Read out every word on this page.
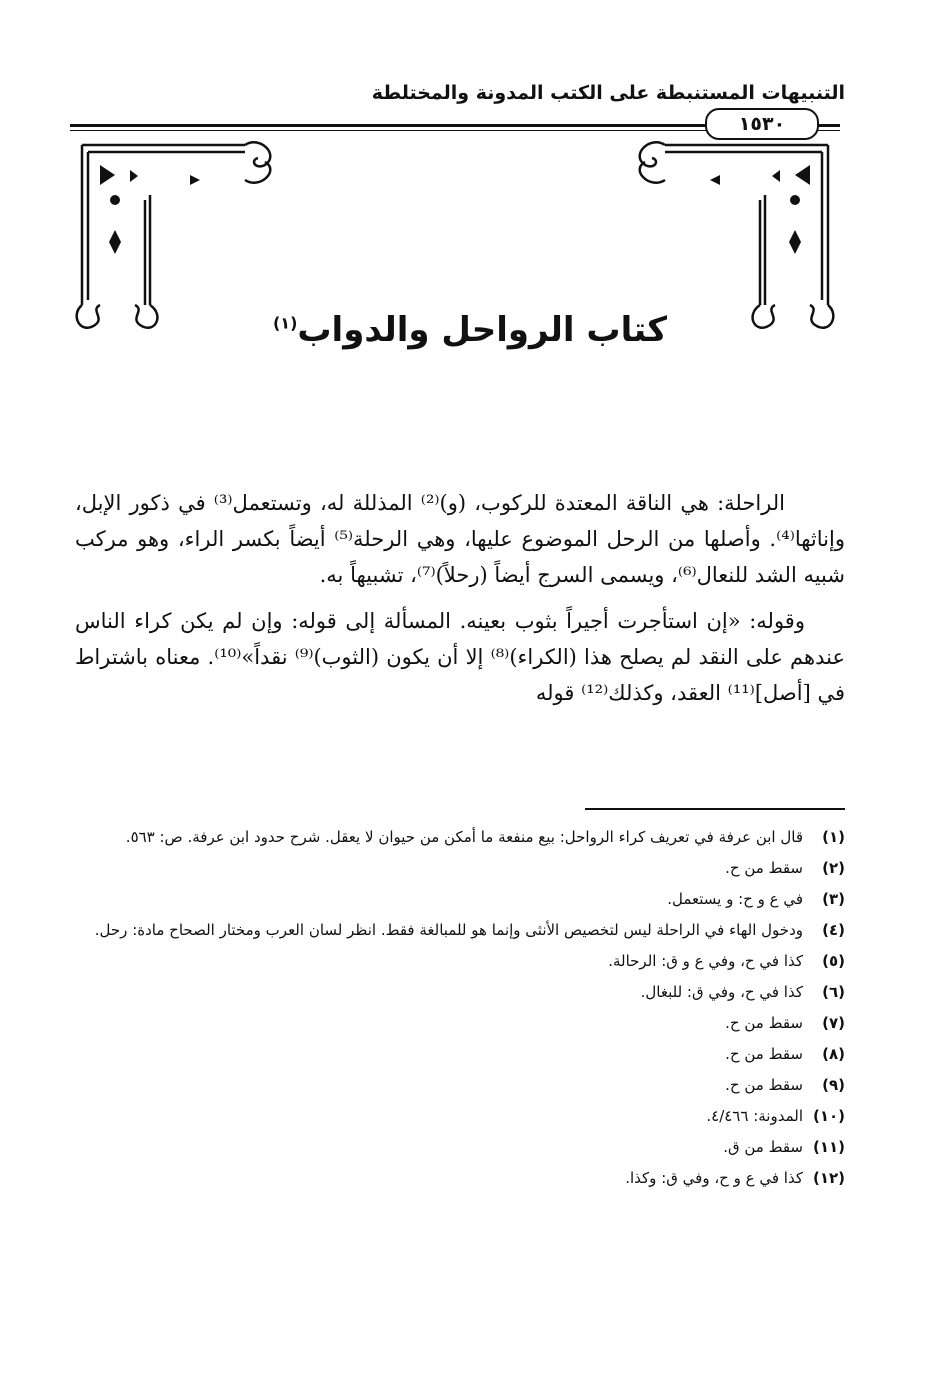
التنبيهات المستنبطة على الكتب المدونة والمختلطة
١٥٣٠
كتاب الرواحل والدواب$^{(١)}$

الراحلة: هي الناقة المعتدة للركوب، (و)⁽²⁾ المذللة له، وتستعمل⁽³⁾ في ذكور الإبل، وإناثها⁽⁴⁾. وأصلها من الرحل الموضوع عليها، وهي الرحلة⁽⁵⁾ أيضاً بكسر الراء، وهو مركب شبيه الشد للنعال⁽⁶⁾، ويسمى السرج أيضاً (رحلاً)⁽⁷⁾، تشبيهاً به.

وقوله: «إن استأجرت أجيراً بثوب بعينه. المسألة إلى قوله: وإن لم يكن كراء الناس عندهم على النقد لم يصلح هذا (الكراء)⁽⁸⁾ إلا أن يكون (الثوب)⁽⁹⁾ نقداً»⁽¹⁰⁾. معناه باشتراط في [أصل]⁽¹¹⁾ العقد، وكذلك⁽¹²⁾ قوله

(١)
قال ابن عرفة في تعريف كراء الرواحل: بيع منفعة ما أمكن من حيوان لا يعقل. شرح حدود ابن عرفة. ص: ٥٦٣.
(٢)
سقط من ح.
(٣)
في ع و ح: و يستعمل.
(٤)
ودخول الهاء في الراحلة ليس لتخصيص الأنثى وإنما هو للمبالغة فقط. انظر لسان العرب ومختار الصحاح مادة: رحل.
(٥)
كذا في ح، وفي ع و ق: الرحالة.
(٦)
كذا في ح، وفي ق: للبغال.
(٧)
سقط من ح.
(٨)
سقط من ح.
(٩)
سقط من ح.
(١٠)
المدونة: ٤/٤٦٦.
(١١)
سقط من ق.
(١٢)
كذا في ع و ح، وفي ق: وكذا.
